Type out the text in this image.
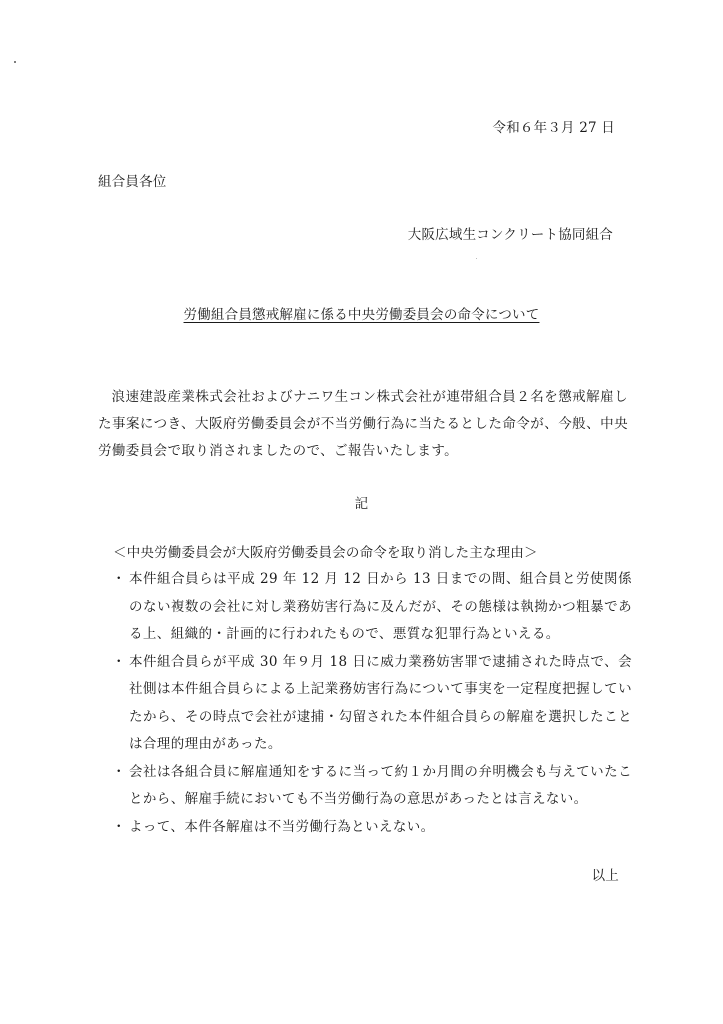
令和６年３月 27 日
組合員各位
大阪広域生コンクリート協同組合
労働組合員懲戒解雇に係る中央労働委員会の命令について
浪速建設産業株式会社およびナニワ生コン株式会社が連帯組合員２名を懲戒解雇した事案につき、大阪府労働委員会が不当労働行為に当たるとした命令が、今般、中央労働委員会で取り消されましたので、ご報告いたします。
記
＜中央労働委員会が大阪府労働委員会の命令を取り消した主な理由＞
・ 本件組合員らは平成 29 年 12 月 12 日から 13 日までの間、組合員と労使関係のない複数の会社に対し業務妨害行為に及んだが、その態様は執拗かつ粗暴である上、組織的・計画的に行われたもので、悪質な犯罪行為といえる。
・ 本件組合員らが平成 30 年９月 18 日に威力業務妨害罪で逮捕された時点で、会社側は本件組合員らによる上記業務妨害行為について事実を一定程度把握していたから、その時点で会社が逮捕・勾留された本件組合員らの解雇を選択したことは合理的理由があった。
・ 会社は各組合員に解雇通知をするに当って約１か月間の弁明機会も与えていたことから、解雇手続においても不当労働行為の意思があったとは言えない。
・ よって、本件各解雇は不当労働行為といえない。
以上
